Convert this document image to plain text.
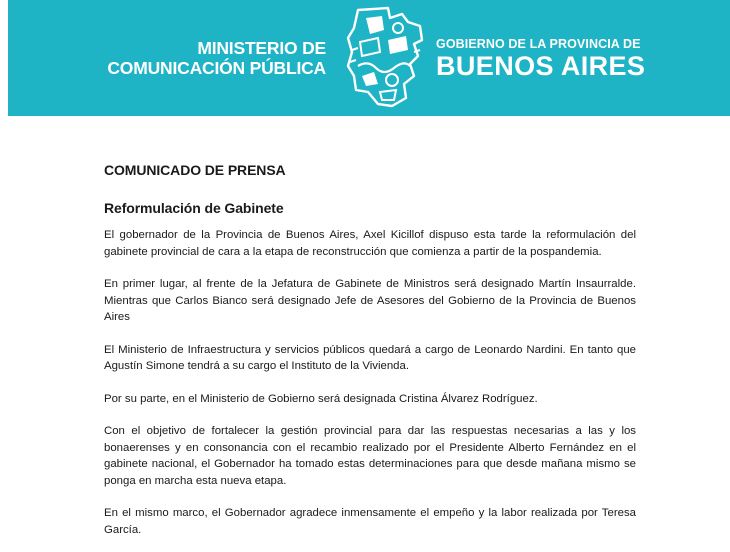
MINISTERIO DE
COMUNICACIÓN PÚBLICA
GOBIERNO DE LA PROVINCIA DE
BUENOS AIRES
COMUNICADO DE PRENSA
Reformulación de Gabinete

El gobernador de la Provincia de Buenos Aires, Axel Kicillof dispuso esta tarde la reformulación del gabinete provincial de cara a la etapa de reconstrucción que comienza a partir de la pospandemia.

En primer lugar, al frente de la Jefatura de Gabinete de Ministros será designado Martín Insaurralde. Mientras que Carlos Bianco será designado Jefe de Asesores del Gobierno de la Provincia de Buenos Aires

El Ministerio de Infraestructura y servicios públicos quedará a cargo de Leonardo Nardini. En tanto que Agustín Simone tendrá a su cargo el Instituto de la Vivienda.

Por su parte, en el Ministerio de Gobierno será designada Cristina Álvarez Rodríguez.

Con el objetivo de fortalecer la gestión provincial para dar las respuestas necesarias a las y los bonaerenses y en consonancia con el recambio realizado por el Presidente Alberto Fernández en el gabinete nacional, el Gobernador ha tomado estas determinaciones para que desde mañana mismo se ponga en marcha esta nueva etapa.

En el mismo marco, el Gobernador agradece inmensamente el empeño y la labor realizada por Teresa García.
